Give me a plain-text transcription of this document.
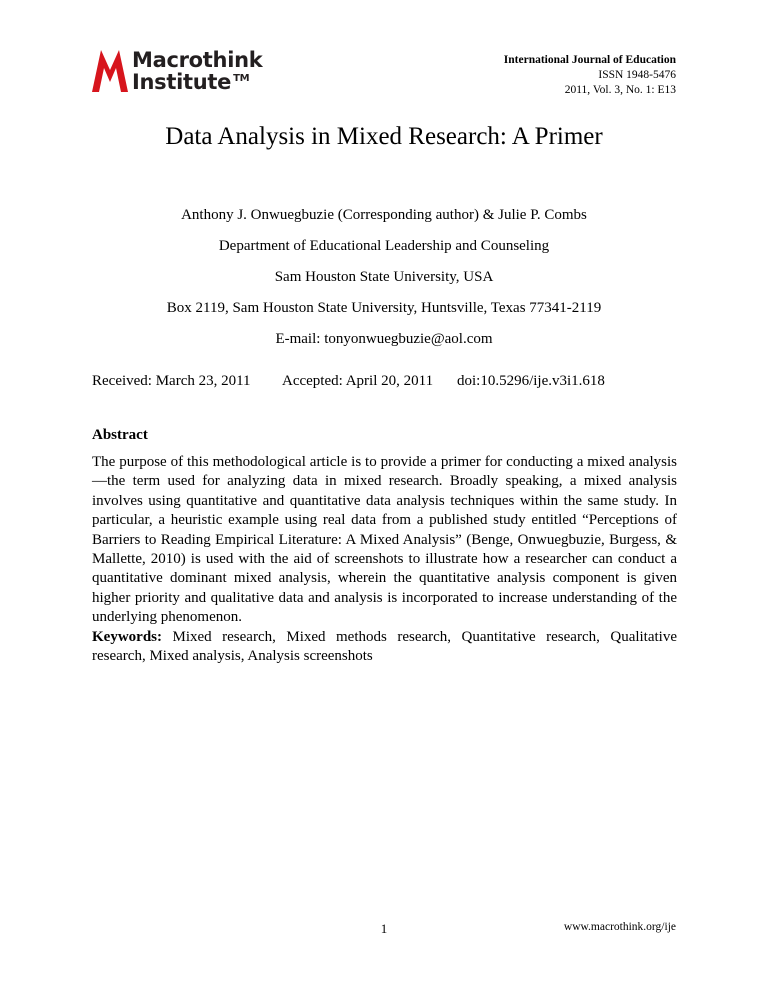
Macrothink
Institute ™
International Journal of Education
ISSN 1948-5476
2011, Vol. 3, No. 1: E13
Data Analysis in Mixed Research: A Primer
Anthony J. Onwuegbuzie (Corresponding author) & Julie P. Combs
Department of Educational Leadership and Counseling
Sam Houston State University, USA
Box 2119, Sam Houston State University, Huntsville, Texas 77341-2119
E-mail: tonyonwuegbuzie@aol.com
Received: March 23, 2011 Accepted: April 20, 2011 doi:10.5296/ije.v3i1.618
Abstract
The purpose of this methodological article is to provide a primer for conducting a mixed analysis—the term used for analyzing data in mixed research. Broadly speaking, a mixed analysis involves using quantitative and quantitative data analysis techniques within the same study. In particular, a heuristic example using real data from a published study entitled “Perceptions of Barriers to Reading Empirical Literature: A Mixed Analysis” (Benge, Onwuegbuzie, Burgess, & Mallette, 2010) is used with the aid of screenshots to illustrate how a researcher can conduct a quantitative dominant mixed analysis, wherein the quantitative analysis component is given higher priority and qualitative data and analysis is incorporated to increase understanding of the underlying phenomenon.
Keywords: Mixed research, Mixed methods research, Quantitative research, Qualitative research, Mixed analysis, Analysis screenshots
1	www.macrothink.org/ije
